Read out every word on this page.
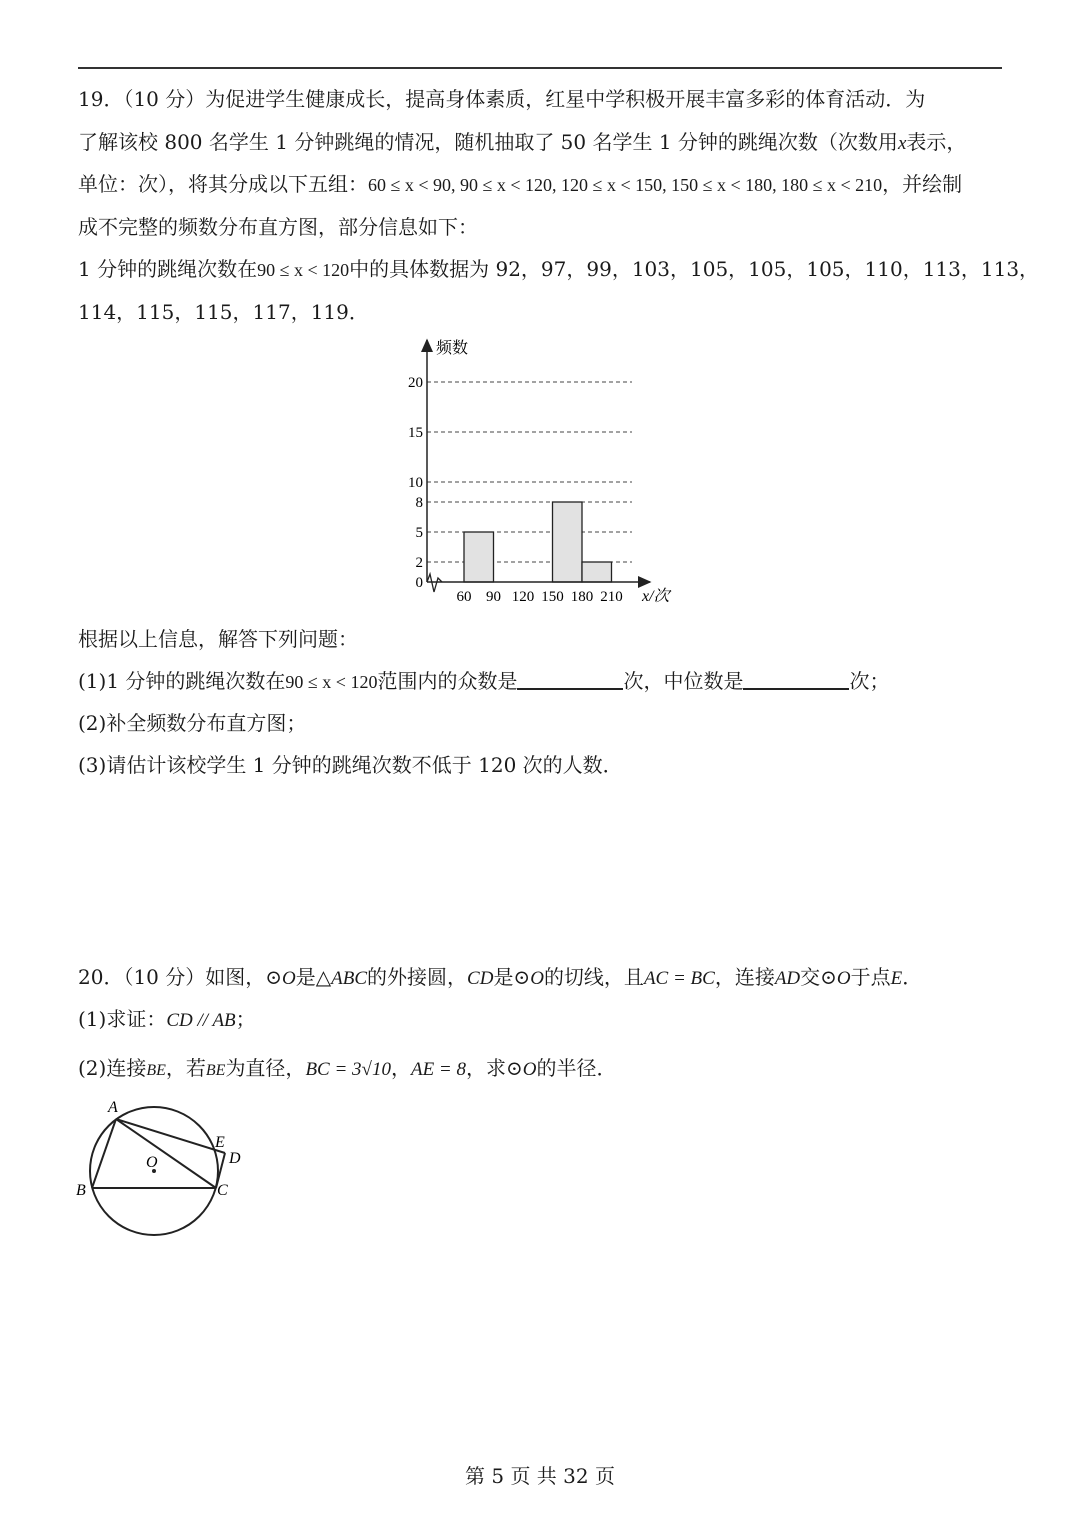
19．（10 分）为促进学生健康成长，提高身体素质，红星中学积极开展丰富多彩的体育活动．为
了解该校 800 名学生 1 分钟跳绳的情况，随机抽取了 50 名学生 1 分钟的跳绳次数（次数用x表示，
单位：次），将其分成以下五组：60 ≤ x < 90, 90 ≤ x < 120, 120 ≤ x < 150, 150 ≤ x < 180, 180 ≤ x < 210，并绘制
成不完整的频数分布直方图，部分信息如下：
1 分钟的跳绳次数在90 ≤ x < 120中的具体数据为 92，97，99，103，105，105，105，110，113，113，
114，115，115，117，119．
0
2
5
8
10
15
20
60 90 120 150 180 210
频数
x/次
根据以上信息，解答下列问题：
(1)1 分钟的跳绳次数在90 ≤ x < 120范围内的众数是	次，中位数是	次；
(2)补全频数分布直方图；
(3)请估计该校学生 1 分钟的跳绳次数不低于 120 次的人数．
20．（10 分）如图，⊙O是△ABC的外接圆，CD是⊙O的切线，且AC = BC，连接AD交⊙O于点E．
(1)求证：CD // AB；
(2)连接BE，若BE为直径，BC = 3√10，AE = 8，求⊙O的半径．
A
B	C
D
E
O
第 5 页 共 32 页
